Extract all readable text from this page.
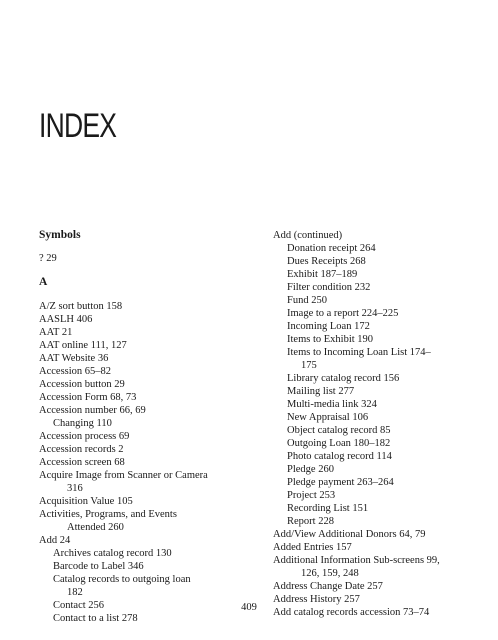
INDEX
Symbols
? 29
A
A/Z sort button 158
AASLH 406
AAT 21
AAT online 111, 127
AAT Website 36
Accession 65–82
Accession button 29
Accession Form 68, 73
Accession number 66, 69
Changing 110
Accession process 69
Accession records 2
Accession screen 68
Acquire Image from Scanner or Camera
316
Acquisition Value 105
Activities, Programs, and Events
Attended 260
Add 24
Archives catalog record 130
Barcode to Label 346
Catalog records to outgoing loan
182
Contact 256
Contact to a list 278
Add (continued)
Donation receipt 264
Dues Receipts 268
Exhibit 187–189
Filter condition 232
Fund 250
Image to a report 224–225
Incoming Loan 172
Items to Exhibit 190
Items to Incoming Loan List 174–
175
Library catalog record 156
Mailing list 277
Multi-media link 324
New Appraisal 106
Object catalog record 85
Outgoing Loan 180–182
Photo catalog record 114
Pledge 260
Pledge payment 263–264
Project 253
Recording List 151
Report 228
Add/View Additional Donors 64, 79
Added Entries 157
Additional Information Sub-screens 99,
126, 159, 248
Address Change Date 257
Address History 257
Add catalog records accession 73–74
409
